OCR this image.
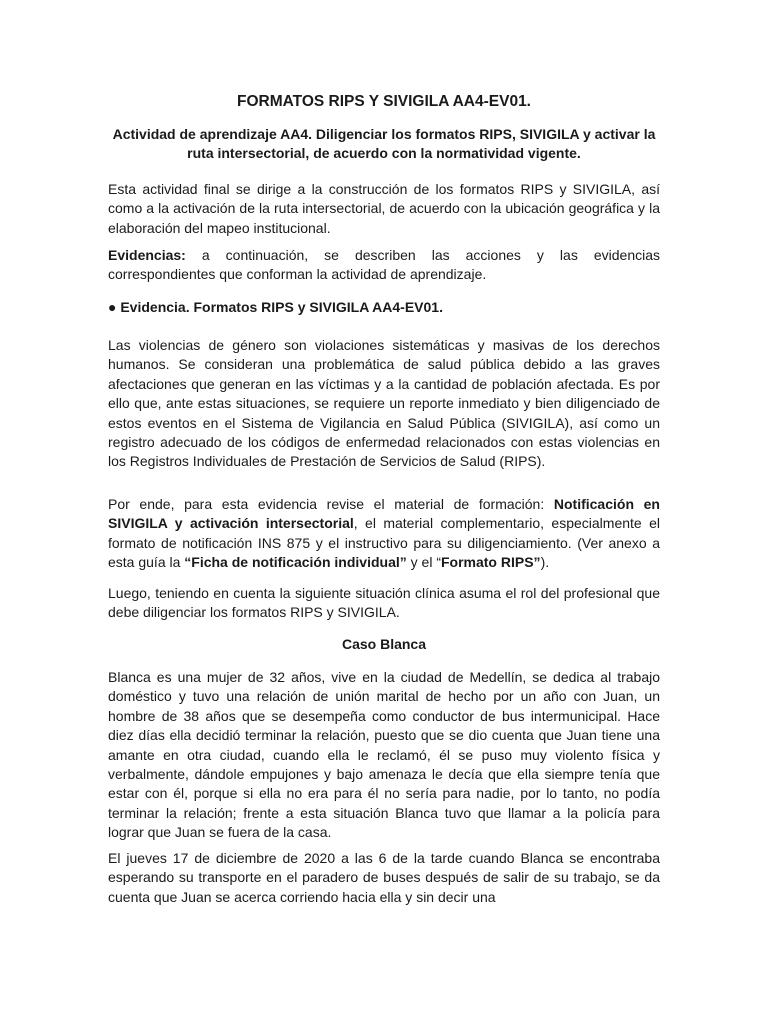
FORMATOS RIPS Y SIVIGILA AA4-EV01.

Actividad de aprendizaje AA4. Diligenciar los formatos RIPS, SIVIGILA y activar la ruta intersectorial, de acuerdo con la normatividad vigente.

Esta actividad final se dirige a la construcción de los formatos RIPS y SIVIGILA, así como a la activación de la ruta intersectorial, de acuerdo con la ubicación geográfica y la elaboración del mapeo institucional.

Evidencias: a continuación, se describen las acciones y las evidencias correspondientes que conforman la actividad de aprendizaje.

● Evidencia. Formatos RIPS y SIVIGILA AA4-EV01.

Las violencias de género son violaciones sistemáticas y masivas de los derechos humanos. Se consideran una problemática de salud pública debido a las graves afectaciones que generan en las víctimas y a la cantidad de población afectada. Es por ello que, ante estas situaciones, se requiere un reporte inmediato y bien diligenciado de estos eventos en el Sistema de Vigilancia en Salud Pública (SIVIGILA), así como un registro adecuado de los códigos de enfermedad relacionados con estas violencias en los Registros Individuales de Prestación de Servicios de Salud (RIPS).

Por ende, para esta evidencia revise el material de formación: Notificación en SIVIGILA y activación intersectorial, el material complementario, especialmente el formato de notificación INS 875 y el instructivo para su diligenciamiento. (Ver anexo a esta guía la “Ficha de notificación individual” y el “Formato RIPS”).

Luego, teniendo en cuenta la siguiente situación clínica asuma el rol del profesional que debe diligenciar los formatos RIPS y SIVIGILA.

Caso Blanca

Blanca es una mujer de 32 años, vive en la ciudad de Medellín, se dedica al trabajo doméstico y tuvo una relación de unión marital de hecho por un año con Juan, un hombre de 38 años que se desempeña como conductor de bus intermunicipal. Hace diez días ella decidió terminar la relación, puesto que se dio cuenta que Juan tiene una amante en otra ciudad, cuando ella le reclamó, él se puso muy violento física y verbalmente, dándole empujones y bajo amenaza le decía que ella siempre tenía que estar con él, porque si ella no era para él no sería para nadie, por lo tanto, no podía terminar la relación; frente a esta situación Blanca tuvo que llamar a la policía para lograr que Juan se fuera de la casa.

El jueves 17 de diciembre de 2020 a las 6 de la tarde cuando Blanca se encontraba esperando su transporte en el paradero de buses después de salir de su trabajo, se da cuenta que Juan se acerca corriendo hacia ella y sin decir una
